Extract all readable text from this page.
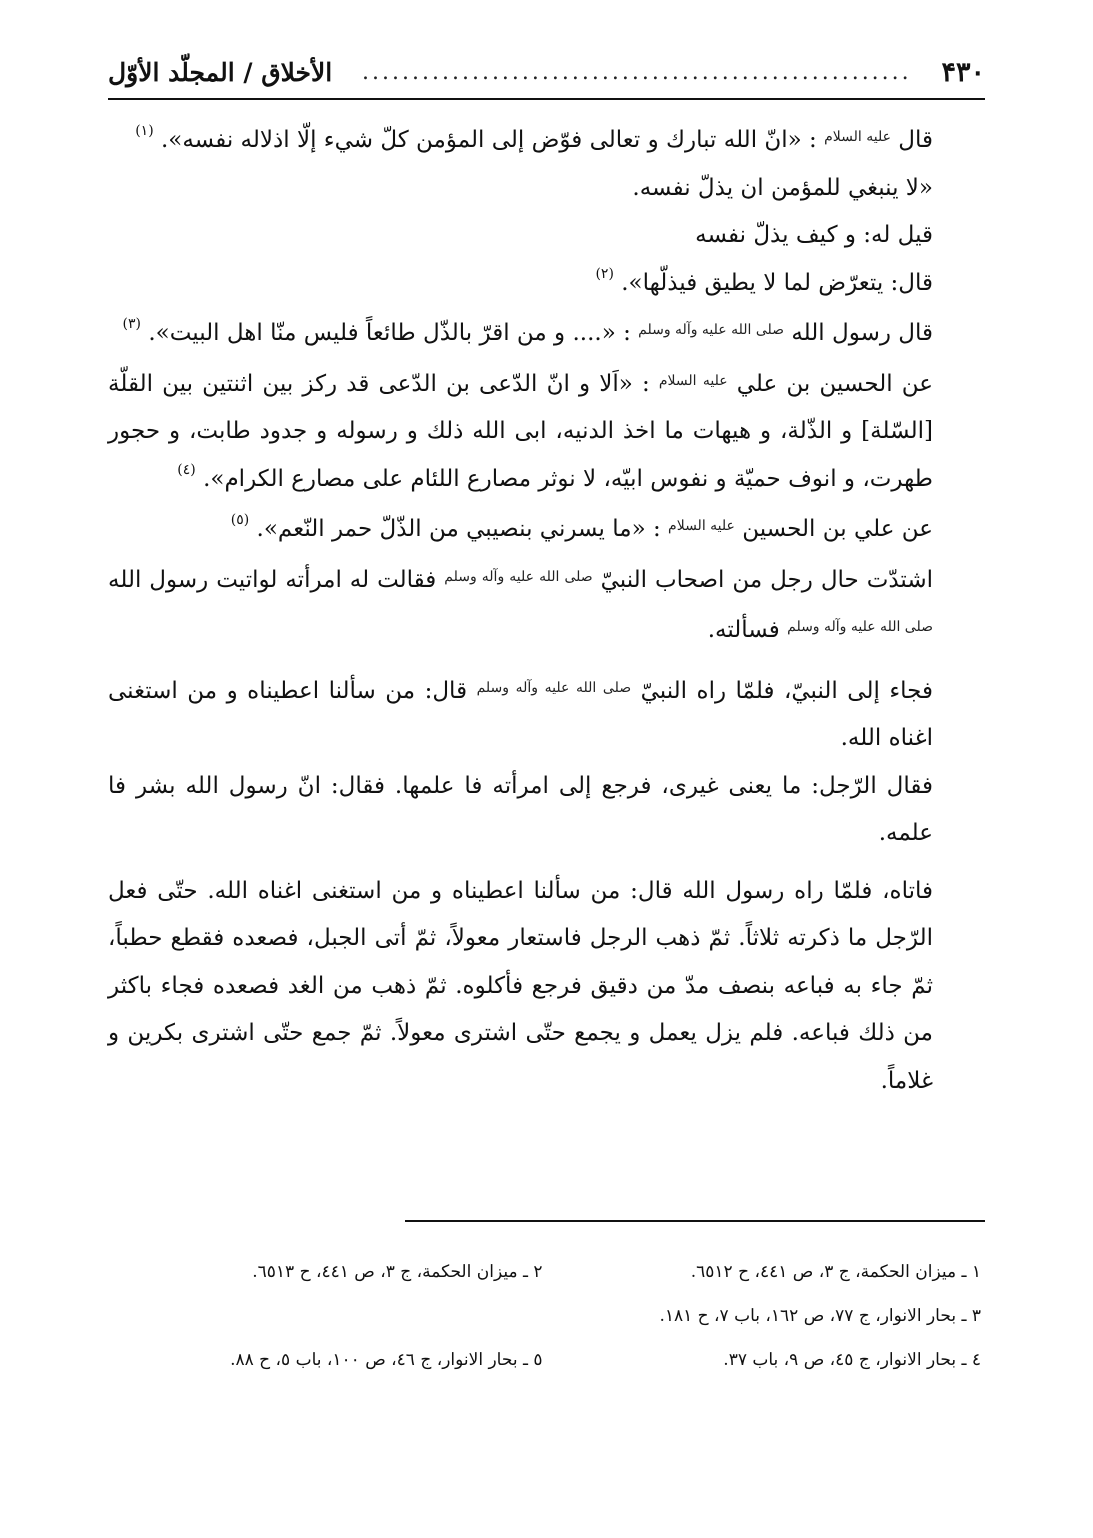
۴۳۰
.......................................................
الأخلاق / المجلّد الأوّل

قال $^{عليه السلام}$ : «انّ الله تبارك و تعالى فوّض إلى المؤمن كلّ شيء إلّا اذلاله نفسه». $^{(١)}$

«لا ينبغي للمؤمن ان يذلّ نفسه.

قيل له: و كيف يذلّ نفسه

قال: يتعرّض لما لا يطيق فيذلّها». $^{(٢)}$

قال رسول الله $^{صلى الله عليه وآله وسلم}$ : «.... و من اقرّ بالذّل طائعاً فليس منّا اهل البيت». $^{(٣)}$

عن الحسين بن علي $^{عليه السلام}$ : «اَلا و انّ الدّعی بن الدّعی قد ركز بين اثنتين بين القلّة [السّلة] و الذّلة، و هيهات ما اخذ الدنيه، ابی الله ذلك و رسوله و جدود طابت، و حجور طهرت، و انوف حميّة و نفوس ابيّه، لا نوثر مصارع اللئام على مصارع الكرام». $^{(٤)}$

عن علي بن الحسين $^{عليه السلام}$ : «ما يسرني بنصيبي من الذّلّ حمر النّعم». $^{(٥)}$

اشتدّت حال رجل من اصحاب النبيّ $^{صلى الله عليه وآله وسلم}$ فقالت له امرأته لواتيت رسول الله $^{صلى الله عليه وآله وسلم}$ فسألته.

فجاء إلى النبيّ، فلمّا راه النبيّ $^{صلى الله عليه وآله وسلم}$ قال: من سألنا اعطيناه و من استغنى اغناه الله.

فقال الرّجل: ما يعنى غيری، فرجع إلى امرأته فا علمها. فقال: انّ رسول الله بشر فا علمه.

فاتاه، فلمّا راه رسول الله قال: من سألنا اعطيناه و من استغنى اغناه الله. حتّى فعل الرّجل ما ذكرته ثلاثاً. ثمّ ذهب الرجل فاستعار معولاً، ثمّ أتى الجبل، فصعده فقطع حطباً، ثمّ جاء به فباعه بنصف مدّ من دقيق فرجع فأكلوه. ثمّ ذهب من الغد فصعده فجاء باكثر من ذلك فباعه. فلم يزل يعمل و يجمع حتّى اشتری معولاً. ثمّ جمع حتّى اشتری بكرين و غلاماً.

١ ـ ميزان الحكمة، ج ٣، ص ٤٤١، ح ٦٥١٢.
٢ ـ ميزان الحكمة، ج ٣، ص ٤٤١، ح ٦٥١٣.
٣ ـ بحار الانوار، ج ٧٧، ص ١٦٢، باب ٧، ح ١٨١.
٤ ـ بحار الانوار، ج ٤٥، ص ٩، باب ٣٧.
٥ ـ بحار الانوار، ج ٤٦، ص ١٠٠، باب ٥، ح ٨٨.
